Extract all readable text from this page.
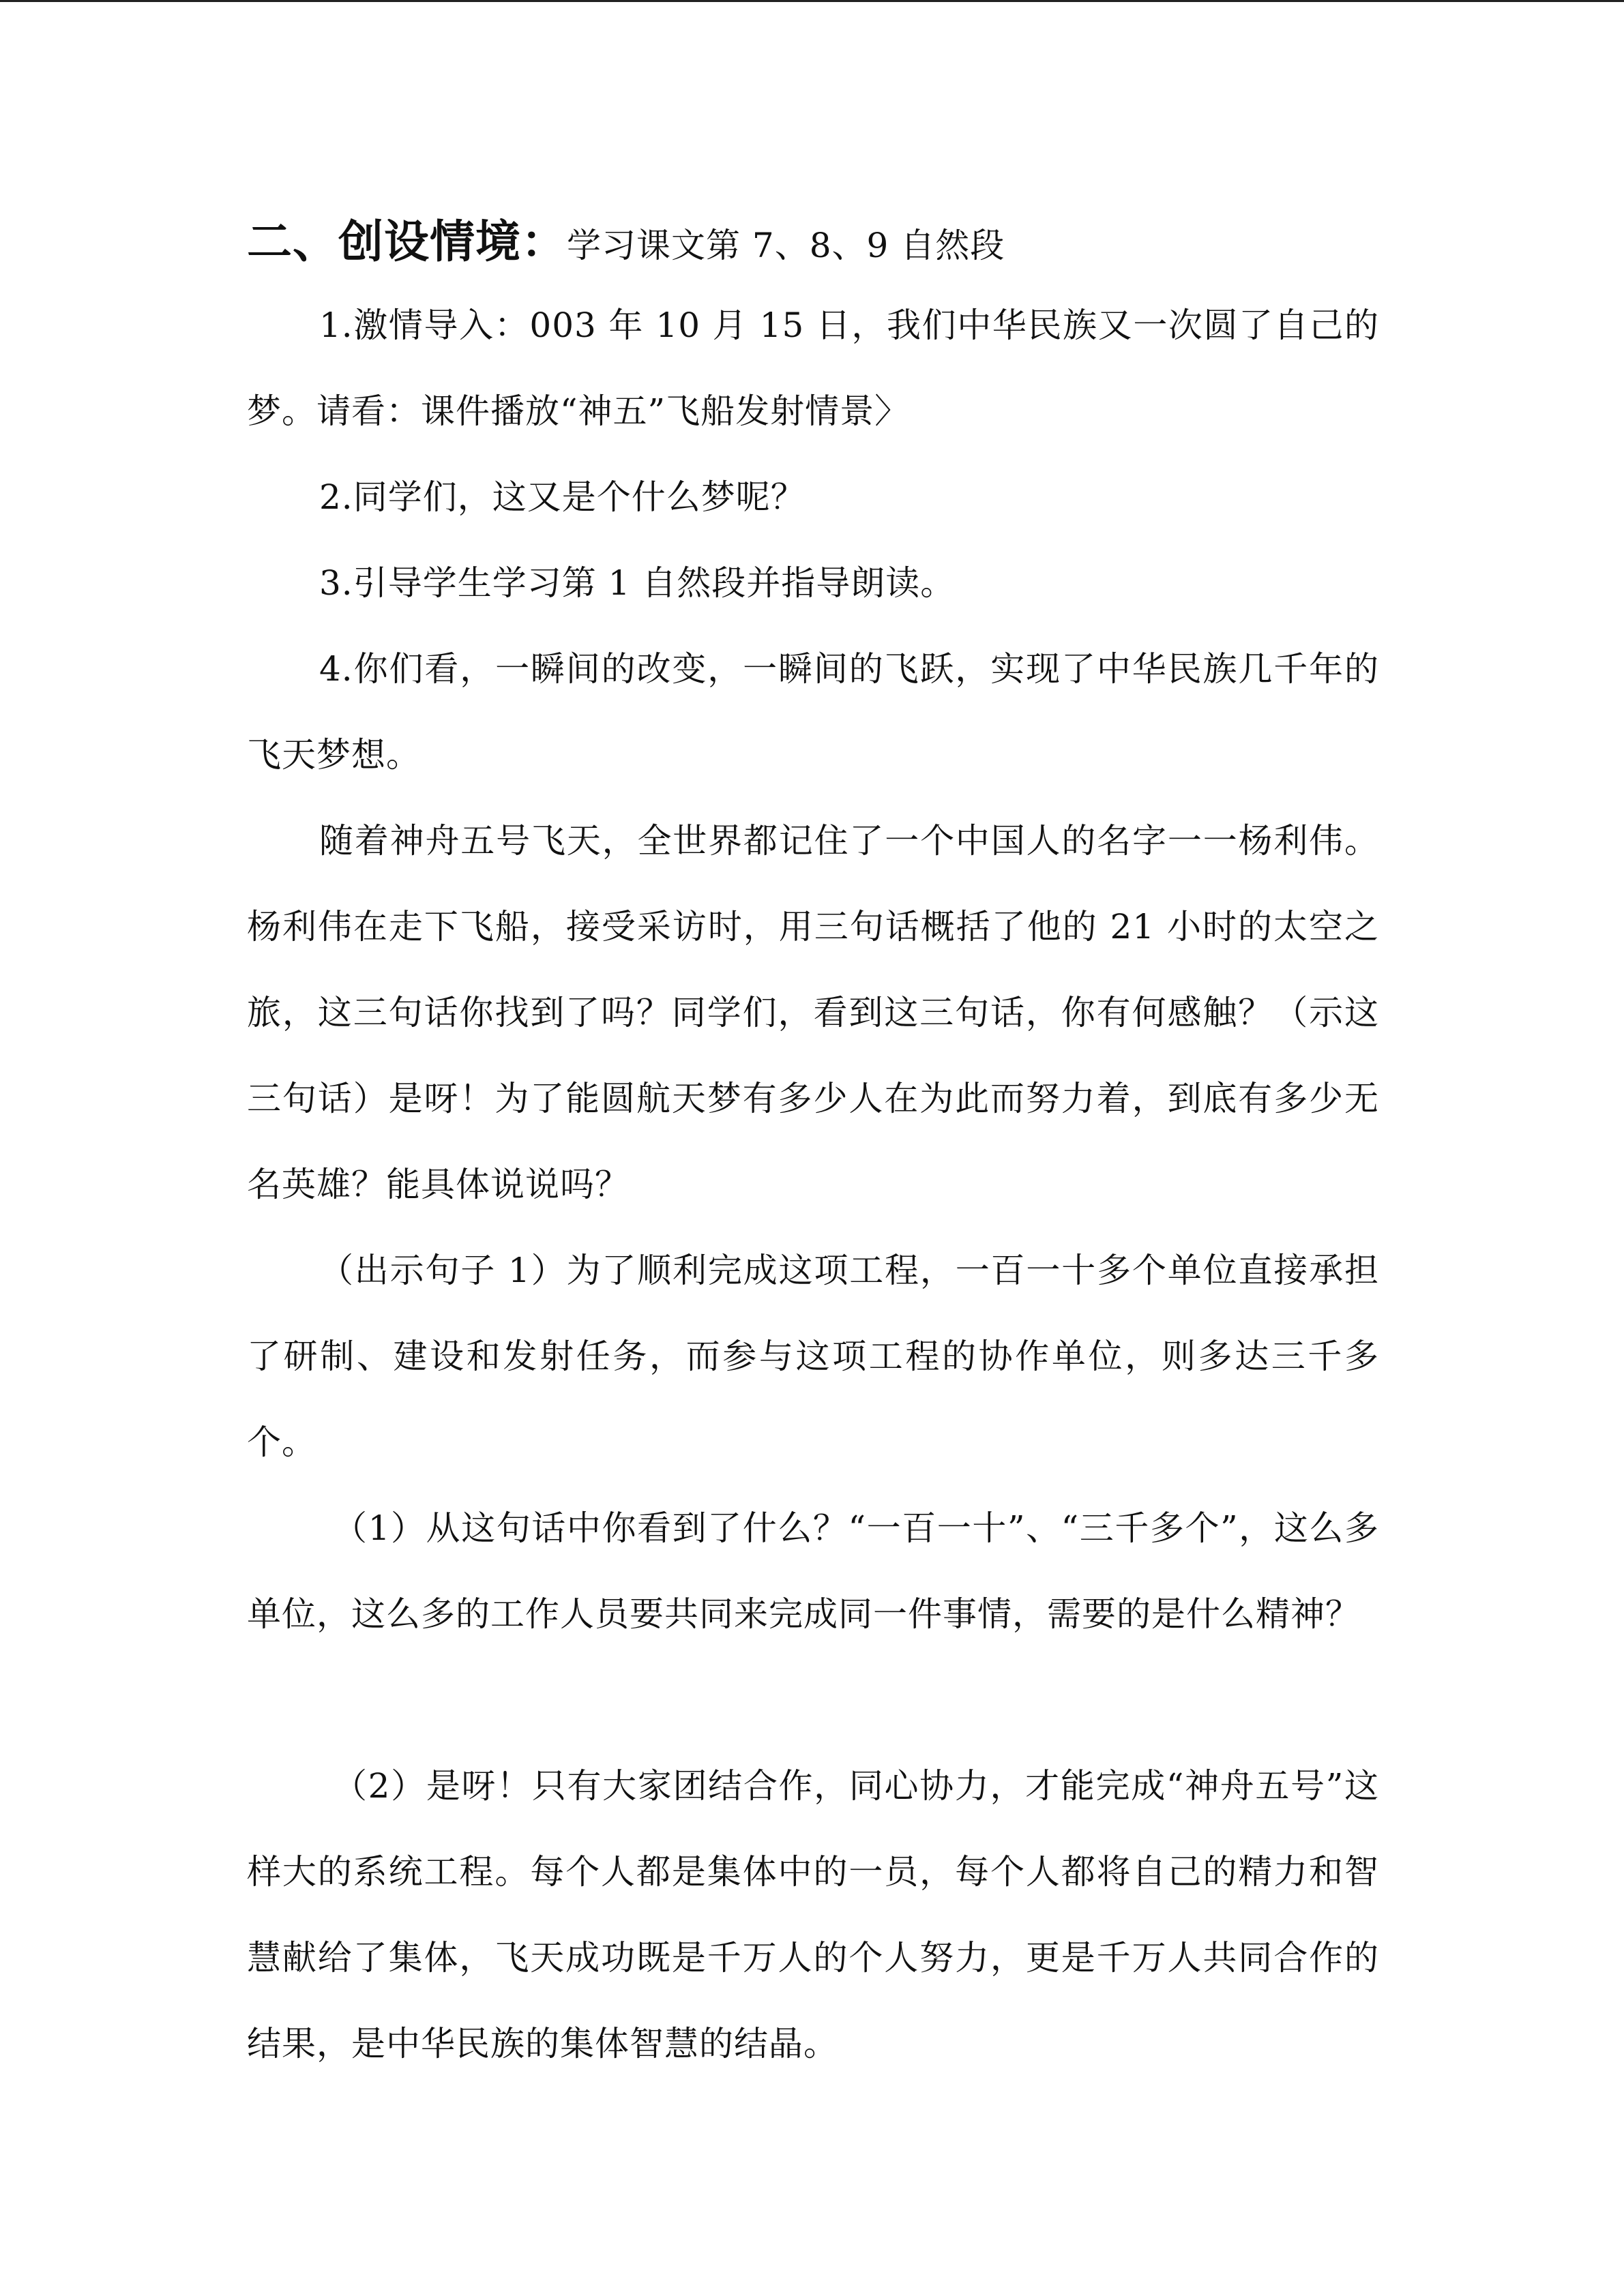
二、创设情境：学习课文第 7、8、9 自然段

1.激情导入：003 年 10 月 15 日，我们中华民族又一次圆了自己的梦。请看：课件播放“神五”飞船发射情景〉

2.同学们，这又是个什么梦呢？

3.引导学生学习第 1 自然段并指导朗读。

4.你们看，一瞬间的改变，一瞬间的飞跃，实现了中华民族几千年的飞天梦想。

随着神舟五号飞天，全世界都记住了一个中国人的名字一一杨利伟。杨利伟在走下飞船，接受采访时，用三句话概括了他的 21 小时的太空之旅，这三句话你找到了吗？同学们，看到这三句话，你有何感触？（示这三句话）是呀！为了能圆航天梦有多少人在为此而努力着，到底有多少无名英雄？能具体说说吗？

（出示句子 1）为了顺利完成这项工程，一百一十多个单位直接承担了研制、建设和发射任务，而参与这项工程的协作单位，则多达三千多个。

（1）从这句话中你看到了什么？“一百一十”、“三千多个”，这么多单位，这么多的工作人员要共同来完成同一件事情，需要的是什么精神？

（2）是呀！只有大家团结合作，同心协力，才能完成“神舟五号”这样大的系统工程。每个人都是集体中的一员，每个人都将自己的精力和智慧献给了集体，飞天成功既是千万人的个人努力，更是千万人共同合作的结果，是中华民族的集体智慧的结晶。
